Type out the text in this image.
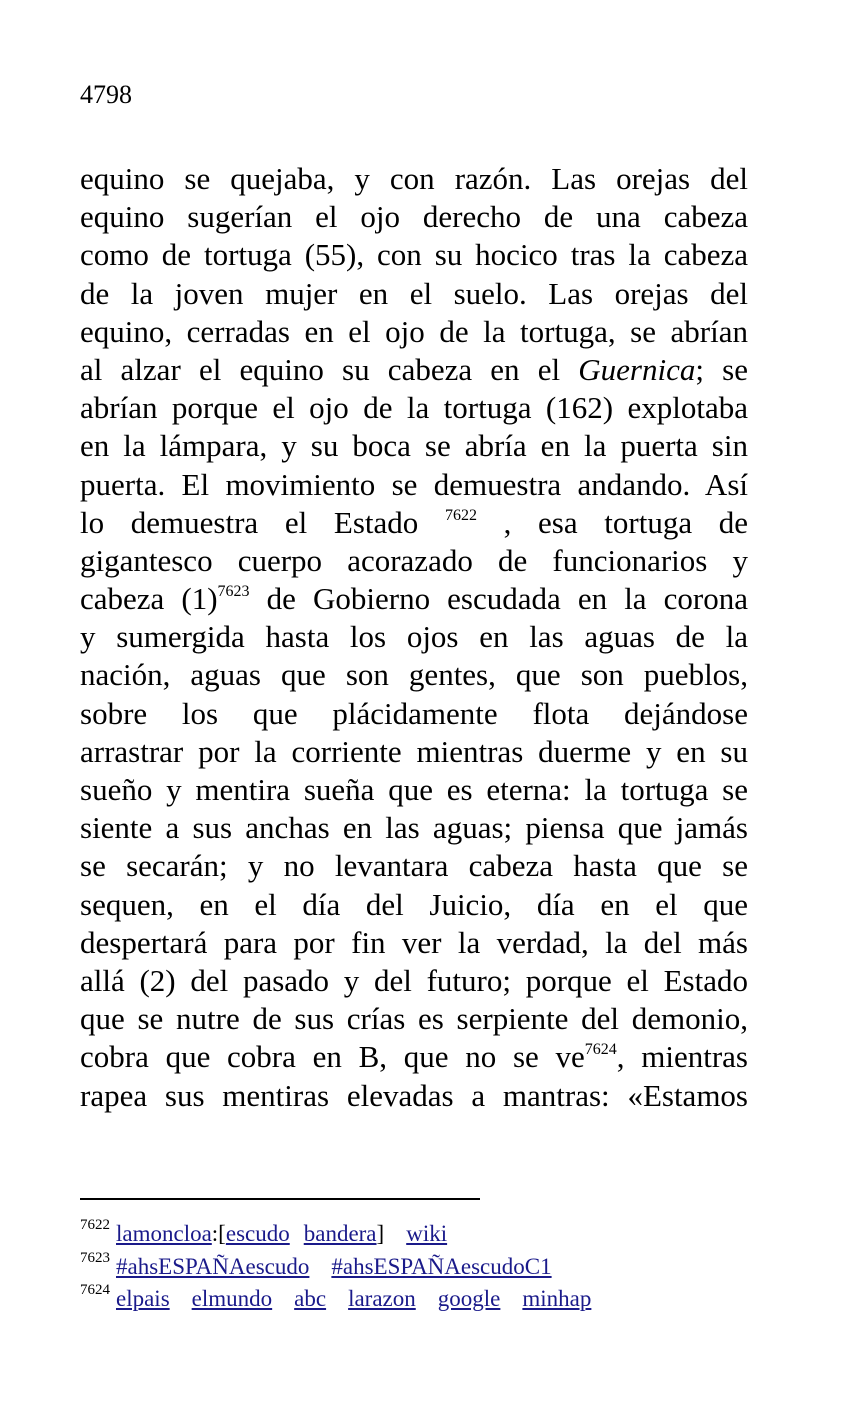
4798
equino se quejaba, y con razón. Las orejas del
equino sugerían el ojo derecho de una cabeza
como de tortuga (55), con su hocico tras la cabeza
de la joven mujer en el suelo. Las orejas del
equino, cerradas en el ojo de la tortuga, se abrían
al alzar el equino su cabeza en el Guernica; se
abrían porque el ojo de la tortuga (162) explotaba
en la lámpara, y su boca se abría en la puerta sin
puerta. El movimiento se demuestra andando. Así
lo demuestra el Estado $^{7622}$ , esa tortuga de
gigantesco cuerpo acorazado de funcionarios y
cabeza $(1)^{7623}$ de Gobierno escudada en la corona
y sumergida hasta los ojos en las aguas de la
nación, aguas que son gentes, que son pueblos,
sobre los que plácidamente flota dejándose
arrastrar por la corriente mientras duerme y en su
sueño y mentira sueña que es eterna: la tortuga se
siente a sus anchas en las aguas; piensa que jamás
se secarán; y no levantara cabeza hasta que se
sequen, en el día del Juicio, día en el que
despertará para por fin ver la verdad, la del más
allá (2) del pasado y del futuro; porque el Estado
que se nutre de sus crías es serpiente del demonio,
cobra que cobra en B, que no se $ve^{7624}$, mientras
rapea sus mentiras elevadas a mantras: «Estamos
$^{7622}$ lamoncloa:[escudo bandera] wiki
$^{7623}$ #ahsESPAÑAescudo #ahsESPAÑAescudoC1
$^{7624}$ elpais elmundo abc larazon google minhap
